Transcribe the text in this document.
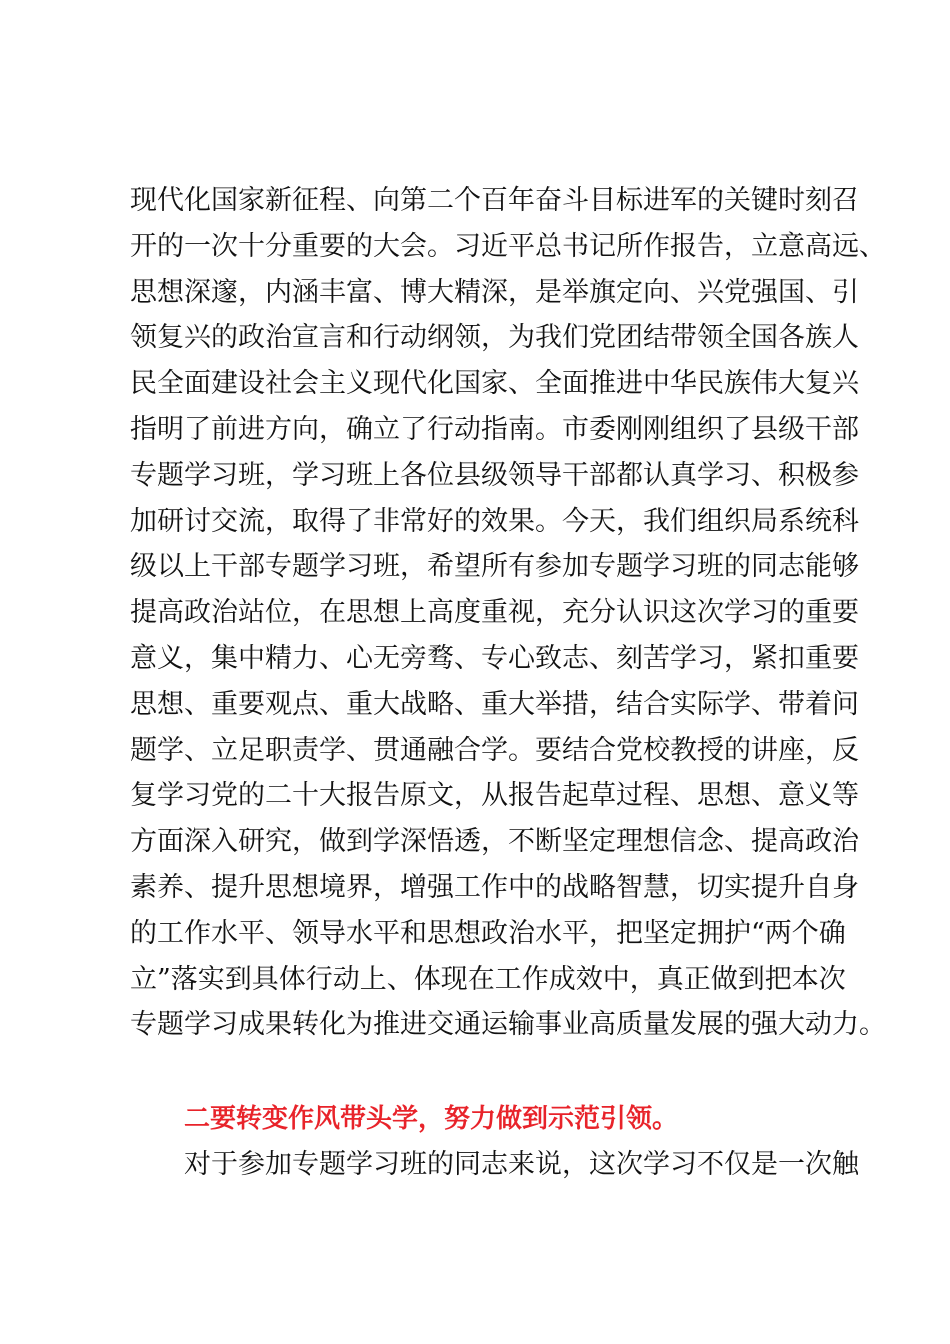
现代化国家新征程、向第二个百年奋斗目标进军的关键时刻召
开的一次十分重要的大会。习近平总书记所作报告，立意高远、
思想深邃，内涵丰富、博大精深，是举旗定向、兴党强国、引
领复兴的政治宣言和行动纲领，为我们党团结带领全国各族人
民全面建设社会主义现代化国家、全面推进中华民族伟大复兴
指明了前进方向，确立了行动指南。市委刚刚组织了县级干部
专题学习班，学习班上各位县级领导干部都认真学习、积极参
加研讨交流，取得了非常好的效果。今天，我们组织局系统科
级以上干部专题学习班，希望所有参加专题学习班的同志能够
提高政治站位，在思想上高度重视，充分认识这次学习的重要
意义，集中精力、心无旁骛、专心致志、刻苦学习，紧扣重要
思想、重要观点、重大战略、重大举措，结合实际学、带着问
题学、立足职责学、贯通融合学。要结合党校教授的讲座，反
复学习党的二十大报告原文，从报告起草过程、思想、意义等
方面深入研究，做到学深悟透，不断坚定理想信念、提高政治
素养、提升思想境界，增强工作中的战略智慧，切实提升自身
的工作水平、领导水平和思想政治水平，把坚定拥护“两个确
立”落实到具体行动上、体现在工作成效中，真正做到把本次
专题学习成果转化为推进交通运输事业高质量发展的强大动力。
二要转变作风带头学，努力做到示范引领。
对于参加专题学习班的同志来说，这次学习不仅是一次触
